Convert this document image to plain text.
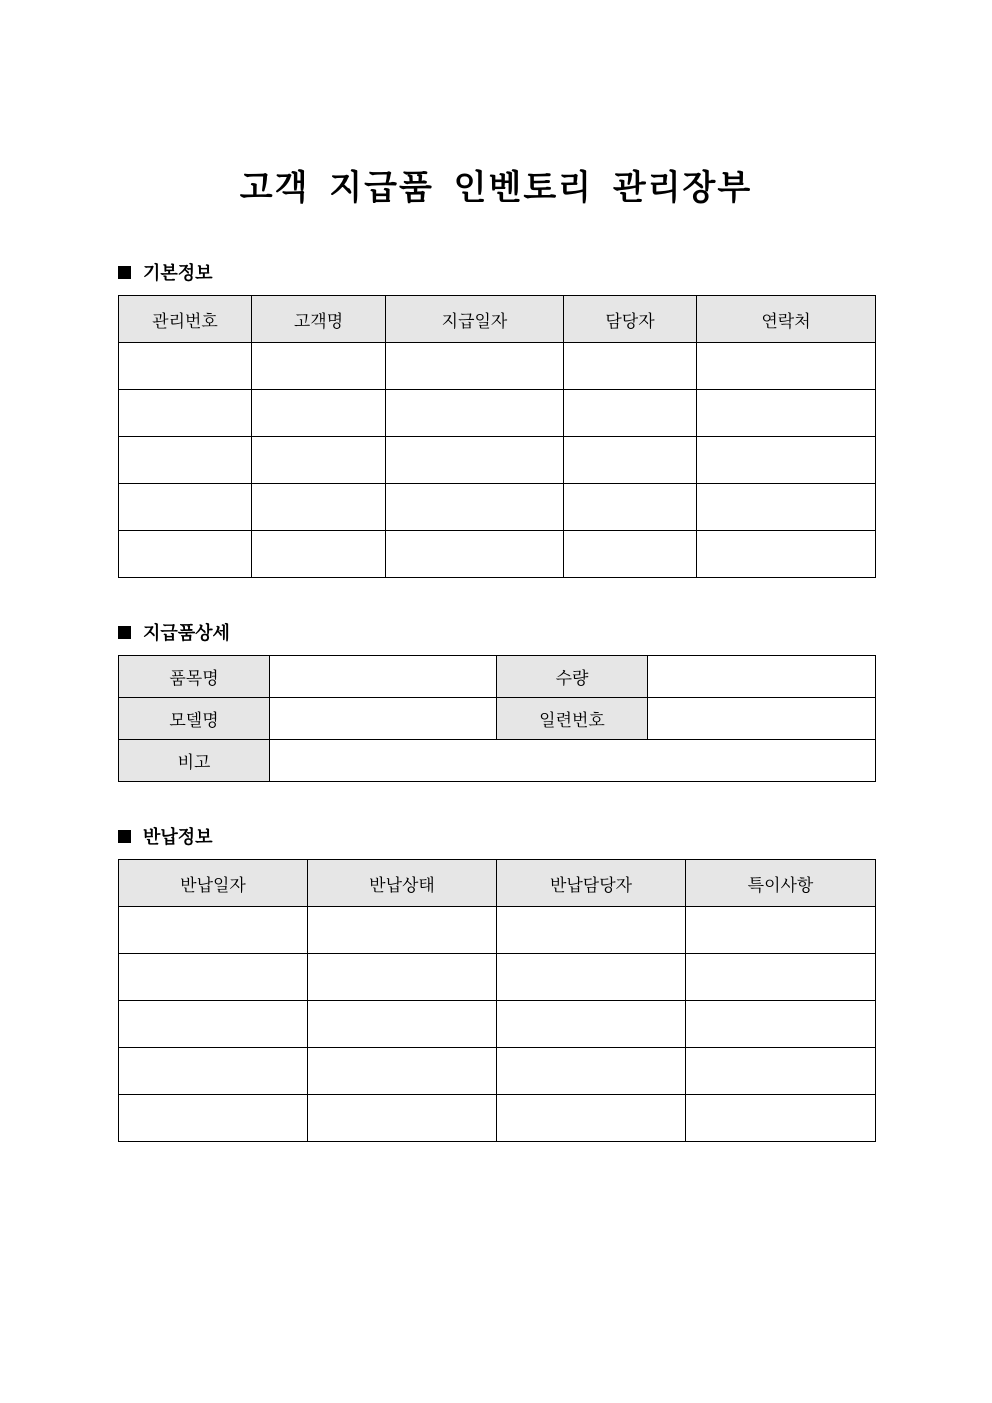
고객 지급품 인벤토리 관리장부
기본정보
관리번호	고객명	지급일자	담당자	연락처

지급품상세
품목명		수량	
모델명		일련번호	
비고			
반납정보
반납일자	반납상태	반납담당자	특이사항
